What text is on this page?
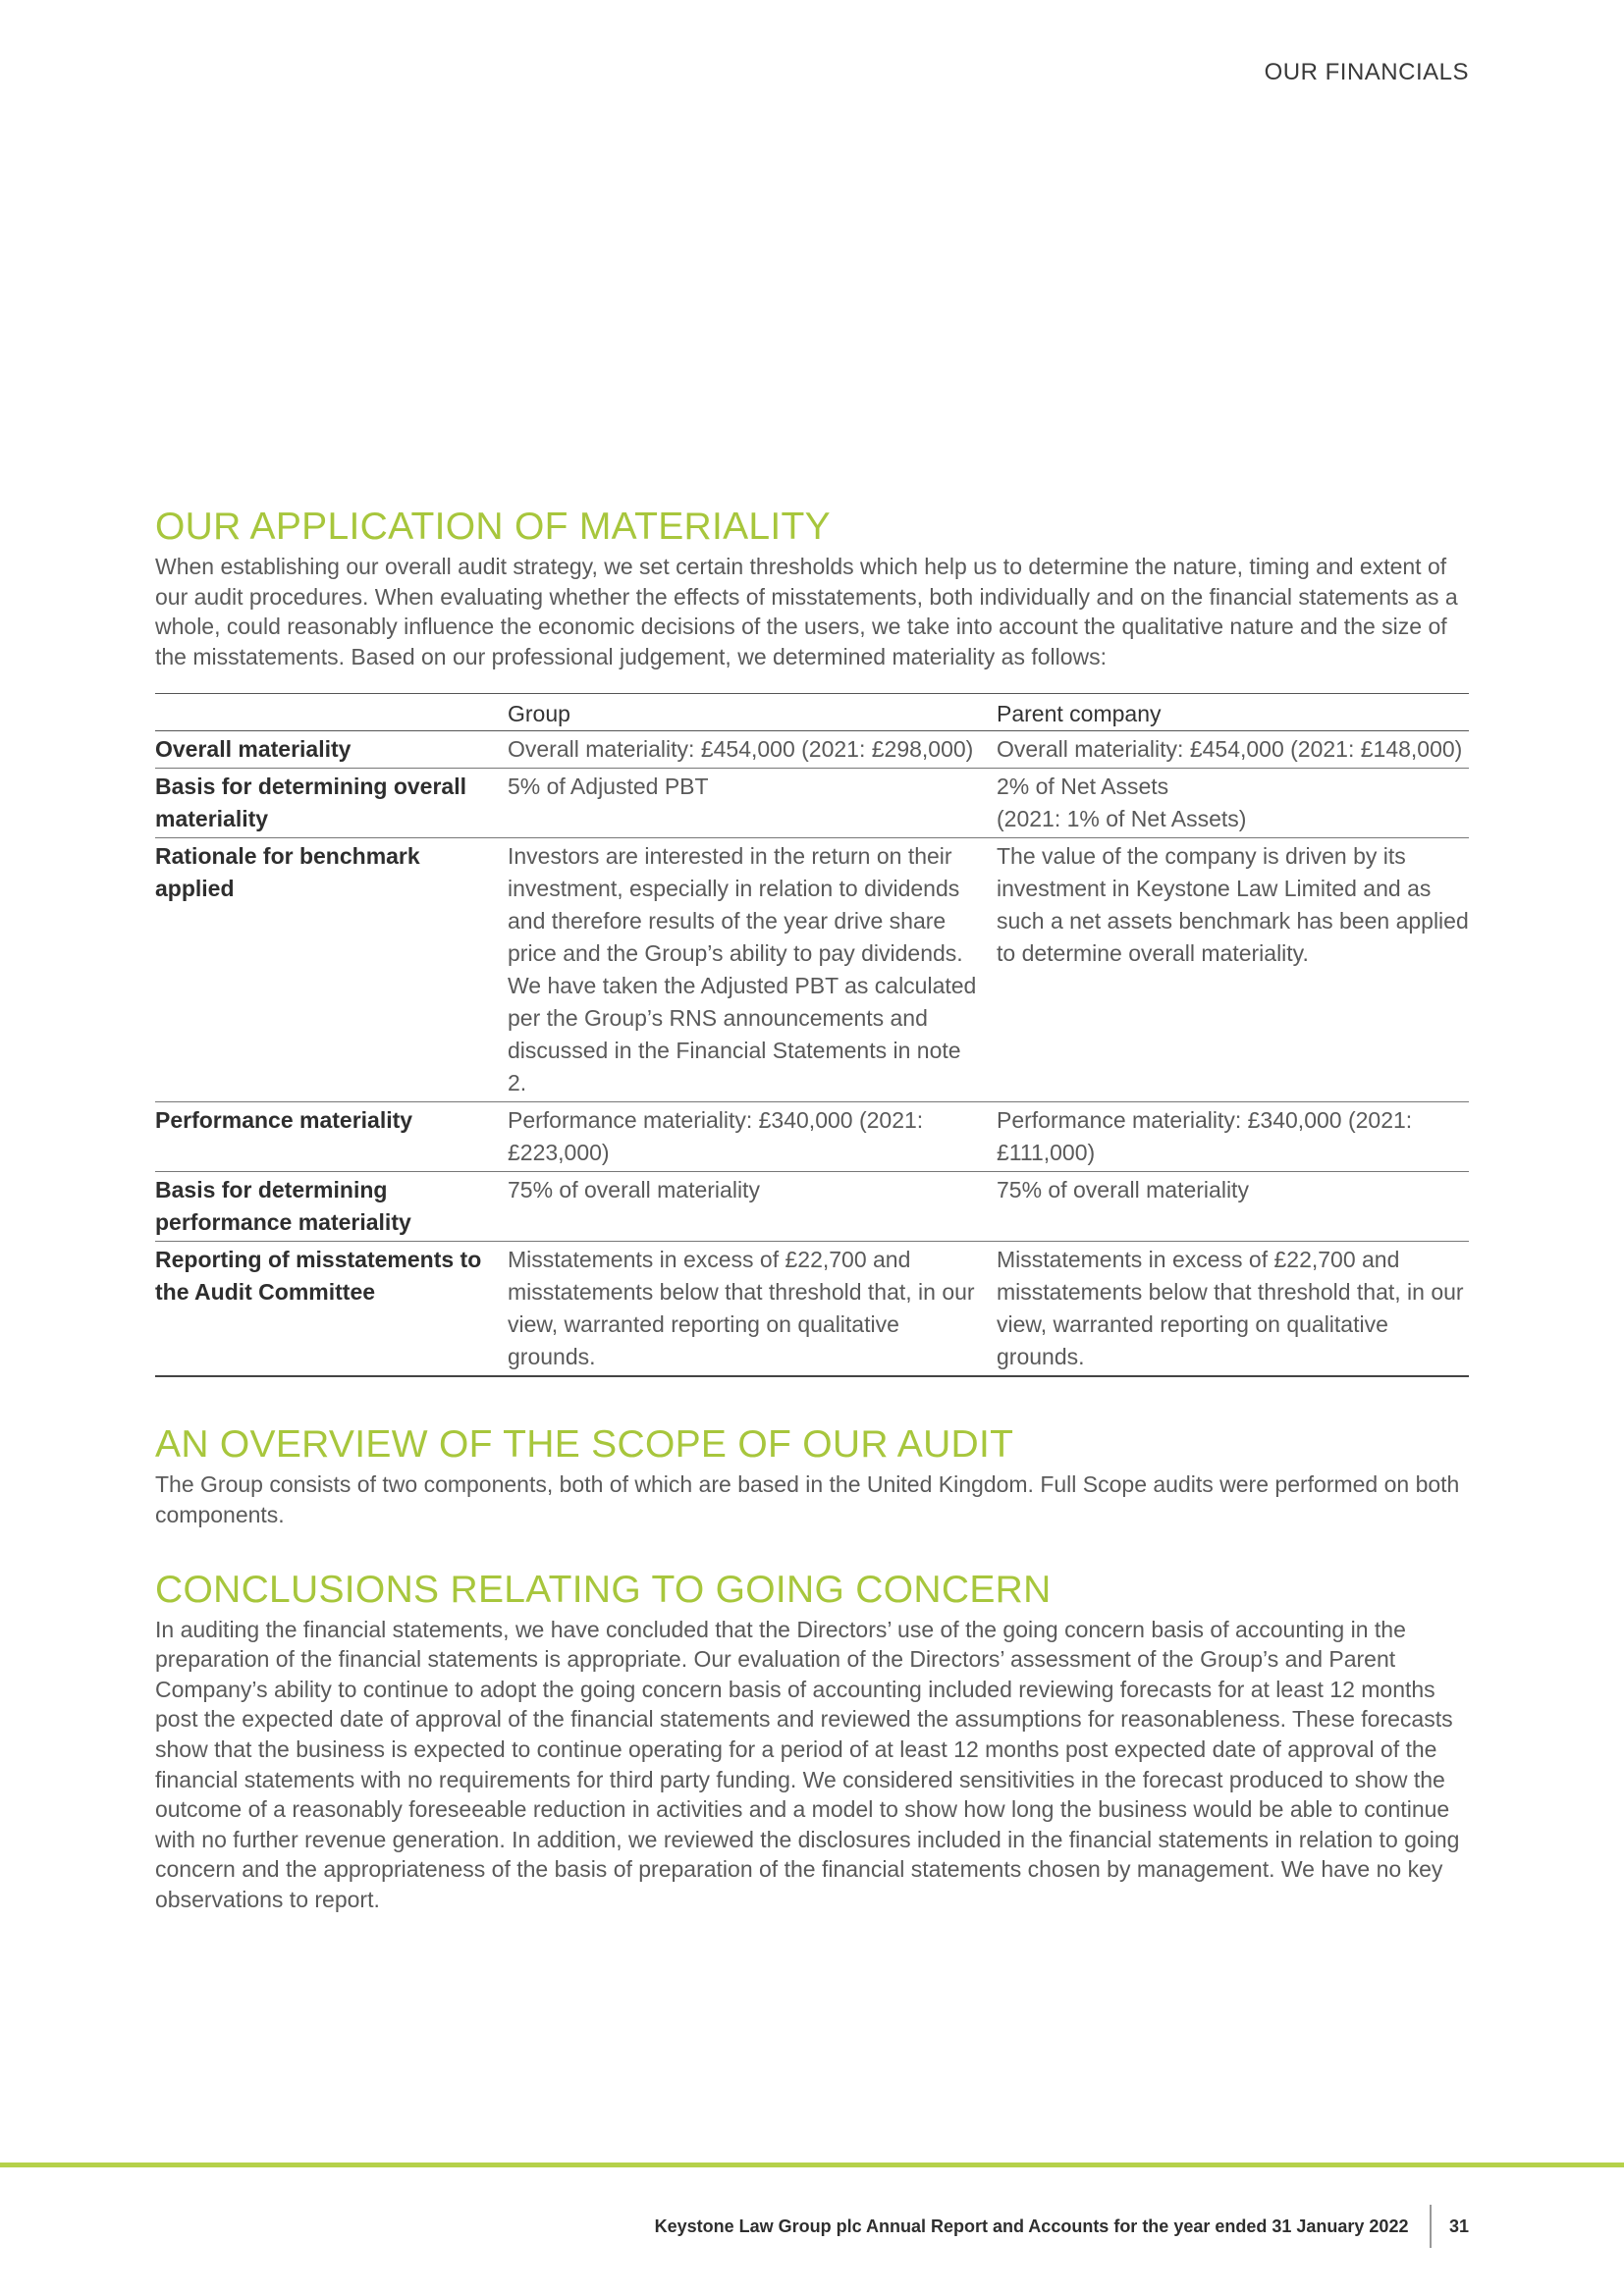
OUR FINANCIALS
OUR APPLICATION OF MATERIALITY

When establishing our overall audit strategy, we set certain thresholds which help us to determine the nature, timing and extent of our audit procedures. When evaluating whether the effects of misstatements, both individually and on the financial statements as a whole, could reasonably influence the economic decisions of the users, we take into account the qualitative nature and the size of the misstatements. Based on our professional judgement, we determined materiality as follows:

	Group	Parent company
Overall materiality	Overall materiality: £454,000 (2021: £298,000)	Overall materiality: £454,000 (2021: £148,000)
Basis for determining overall materiality	5% of Adjusted PBT	2% of Net Assets
(2021: 1% of Net Assets)

Rationale for benchmark applied	Investors are interested in the return on their investment, especially in relation to dividends and therefore results of the year drive share price and the Group’s ability to pay dividends. We have taken the Adjusted PBT as calculated per the Group’s RNS announcements and discussed in the Financial Statements in note 2.	The value of the company is driven by its investment in Keystone Law Limited and as such a net assets benchmark has been applied to determine overall materiality.
Performance materiality	Performance materiality: £340,000 (2021: £223,000)	Performance materiality: £340,000 (2021: £111,000)
Basis for determining performance materiality	75% of overall materiality	75% of overall materiality
Reporting of misstatements to the Audit Committee	Misstatements in excess of £22,700 and misstatements below that threshold that, in our view, warranted reporting on qualitative grounds.	Misstatements in excess of £22,700 and misstatements below that threshold that, in our view, warranted reporting on qualitative grounds.
AN OVERVIEW OF THE SCOPE OF OUR AUDIT

The Group consists of two components, both of which are based in the United Kingdom. Full Scope audits were performed on both components.

CONCLUSIONS RELATING TO GOING CONCERN

In auditing the financial statements, we have concluded that the Directors’ use of the going concern basis of accounting in the preparation of the financial statements is appropriate. Our evaluation of the Directors’ assessment of the Group’s and Parent Company’s ability to continue to adopt the going concern basis of accounting included reviewing forecasts for at least 12 months post the expected date of approval of the financial statements and reviewed the assumptions for reasonableness. These forecasts show that the business is expected to continue operating for a period of at least 12 months post expected date of approval of the financial statements with no requirements for third party funding. We considered sensitivities in the forecast produced to show the outcome of a reasonably foreseeable reduction in activities and a model to show how long the business would be able to continue with no further revenue generation. In addition, we reviewed the disclosures included in the financial statements in relation to going concern and the appropriateness of the basis of preparation of the financial statements chosen by management. We have no key observations to report.

Keystone Law Group plc Annual Report and Accounts for the year ended 31 January 2022 31
